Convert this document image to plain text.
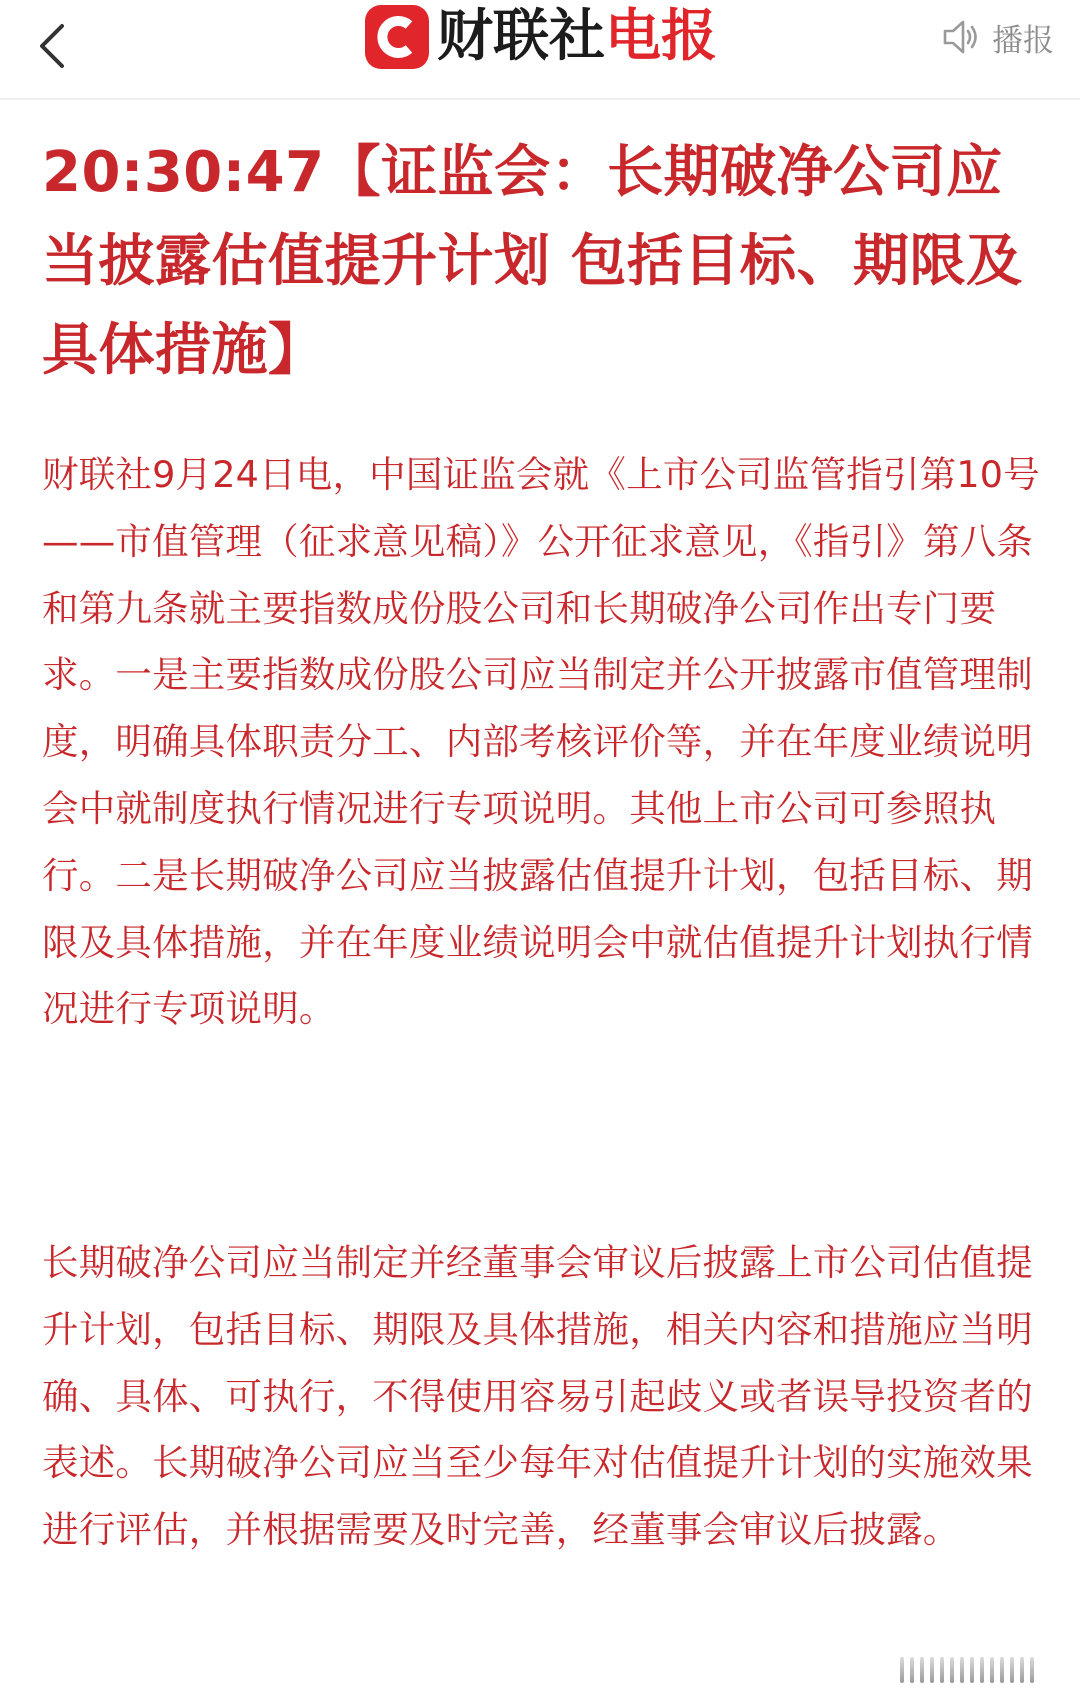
财联社电报	播报
20:30:47【证监会：长期破净公司应当披露估值提升计划 包括目标、期限及具体措施】

财联社9月24日电，中国证监会就《上市公司监管指引第10号——市值管理（征求意见稿）》公开征求意见，《指引》第八条和第九条就主要指数成份股公司和长期破净公司作出专门要求。一是主要指数成份股公司应当制定并公开披露市值管理制度，明确具体职责分工、内部考核评价等，并在年度业绩说明会中就制度执行情况进行专项说明。其他上市公司可参照执行。二是长期破净公司应当披露估值提升计划，包括目标、期限及具体措施，并在年度业绩说明会中就估值提升计划执行情况进行专项说明。

长期破净公司应当制定并经董事会审议后披露上市公司估值提升计划，包括目标、期限及具体措施，相关内容和措施应当明确、具体、可执行，不得使用容易引起歧义或者误导投资者的表述。长期破净公司应当至少每年对估值提升计划的实施效果进行评估，并根据需要及时完善，经董事会审议后披露。
